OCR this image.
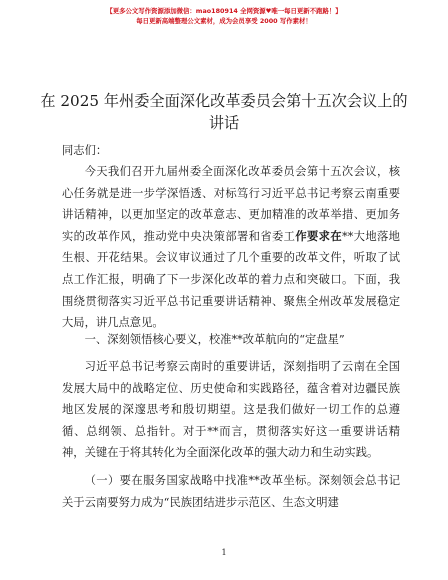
【更多公文写作资源添加微信：mao180914 全网资源♥唯一每日更新不跑路！】
每日更新高端整理公文素材，成为会员享受 2000 写作素材！
在 2025 年州委全面深化改革委员会第十五次会议上的讲话

同志们：

今天我们召开九届州委全面深化改革委员会第十五次会议，核心任务就是进一步学深悟透、对标笃行习近平总书记考察云南重要讲话精神，以更加坚定的改革意志、更加精准的改革举措、更加务实的改革作风，推动党中央决策部署和省委工作要求在**大地落地生根、开花结果。会议审议通过了几个重要的改革文件，听取了试点工作汇报，明确了下一步深化改革的着力点和突破口。下面，我围绕贯彻落实习近平总书记重要讲话精神、聚焦全州改革发展稳定大局，讲几点意见。

一、深刻领悟核心要义，校准**改革航向的“定盘星”

习近平总书记考察云南时的重要讲话，深刻指明了云南在全国发展大局中的战略定位、历史使命和实践路径，蕴含着对边疆民族地区发展的深邃思考和殷切期望。这是我们做好一切工作的总遵循、总纲领、总指针。对于**而言，贯彻落实好这一重要讲话精神，关键在于将其转化为全面深化改革的强大动力和生动实践。

（一）要在服务国家战略中找准**改革坐标。深刻领会总书记关于云南要努力成为“民族团结进步示范区、生态文明建

1
